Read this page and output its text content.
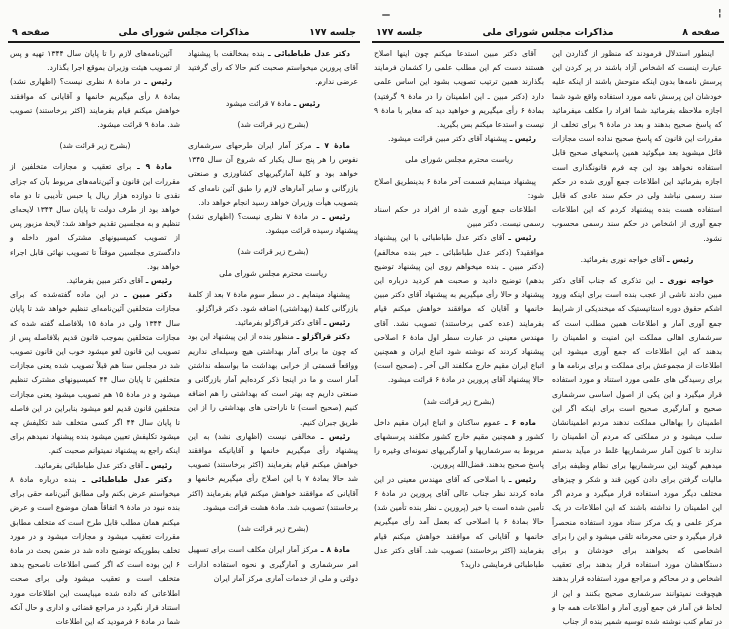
جلسه ۱۷۷
مذاکرات مجلس شورای ملی
صفحه ۹

دکتر عدل طباطبائی ـ بنده بمخالفت با پیشنهاد آقای پرورین میخواستم صحبت کنم حالا که رأی گرفتید عرضی ندارم.

رئیس ـ مادهٔ ۷ قرائت میشود

(بشرح زیر قرائت شد)

مادهٔ ۷ ـ مرکز آمار ایران طرحهای سرشماری نفوس را هر پنج سال یکبار که شروع آن سال ۱۳۴۵ خواهد بود و کلیهٔ آمارگیریهای کشاورزی و صنعتی بازرگانی و سایر آمارهای لازم را طبق آئین نامه‌ای که بتصویب هیأت وزیران خواهد رسید انجام خواهد داد.

رئیس ـ در مادهٔ ۷ نظری نیست؟ (اظهاری نشد) پیشنهاد رسیده قرائت میشود.

(بشرح زیر قرائت شد)

ریاست محترم مجلس شورای ملی

پیشنهاد مینمایم ـ در سطر سوم مادهٔ ۷ بعد از کلمهٔ بازرگانی کلمهٔ (بهداشتی) اضافه شود. دکتر قراگزلو.

رئیس ـ آقای دکتر قراگزلو بفرمائید.

دکتر قراگزلو ـ منظور بنده از این پیشنهاد این بود که چون ما برای آمار بهداشتی هیچ وسیله‌ای نداریم وواقعاً قسمتی از خرابی بهداشت ما بواسطه نداشتن آمار است و ما در اینجا ذکر کرده‌ایم آمار بازرگانی و صنعتی داریم چه بهتر است که بهداشتی را هم اضافه کنیم (صحیح است) تا ناراحتی های بهداشتی را از این طریق جبران کنیم.

رئیس ـ مخالفی نیست (اظهاری نشد) به این پیشنهاد رأی میگیریم خانمها و آقایانیکه موافقند خواهش میکنم قیام بفرمایند (اکثر برخاستند) تصویب شد حالا بمادهٔ ۷ با این اصلاح رأی میگیریم خانمها و آقایانی که موافقند خواهش میکنم قیام بفرمایند (اکثر برخاستند) تصویب شد. مادهٔ هشت قرائت میشود.

(بشرح زیر قرائت شد)

مادهٔ ۸ ـ مرکز آمار ایران مکلف است برای تسهیل امر سرشماری و آمارگیری و نحوه استفاده ادارات دولتی و ملی از خدمات آماری مرکز آمار ایران

آئین‌نامه‌های لازم را تا پایان سال ۱۳۴۴ تهیه و پس از تصویب هیئت وزیران بموقع اجرا بگذارد.

رئیس ـ در مادهٔ ۸ نظری نیست؟ (اظهاری نشد) بمادهٔ ۸ رأی میگیریم خانمها و آقایانی که موافقند خواهش میکنم قیام بفرمایند (اکثر برخاستند) تصویب شد. مادهٔ ۹ قرائت میشود.

(بشرح زیر قرائت شد)

مادهٔ ۹ ـ برای تعقیب و مجازات متخلفین از مقررات این قانون و آئین‌نامه‌های مربوط بآن که جزای نقدی تا دوازده هزار ریال یا حبس تأدیبی تا دو ماه خواهد بود از طرف دولت تا پایان سال ۱۳۴۴ لایحه‌ای تنظیم و به مجلسین تقدیم خواهد شد: لایحهٔ مزبور پس از تصویب کمیسیونهای مشترک امور داخله و دادگستری مجلسین موقتاً تا تصویب نهائی قابل اجراء خواهد بود.

رئیس ـ آقای دکتر مبین بفرمائید.

دکتر مبین ـ در این ماده گفته‌شده که برای مجازات متخلفین آئین‌نامه‌ای تنظیم خواهد شد تا پایان سال ۱۳۴۴ ولی در مادهٔ ۱۵ بلافاصله گفته شده که مجازات متخلفین بموجب قانون قدیم بلافاصله پس از تصویب این قانون لغو میشود خوب این قانون تصویب شد در مجلس سنا هم قبلاً تصویب شده یعنی مجازات متخلفین تا پایان سال ۴۴ کمیسیونهای مشترک تنظیم میشود و در مادهٔ ۱۵ هم تصویب میشود یعنی مجازات متخلفین قانون قدیم لغو میشود بنابراین در این فاصله تا پایان سال ۴۴ اگر کسی متخلف شد تکلیفش چه میشود تکلیفش تعیین میشود بنده پیشنهاد نمیدهم برای اینکه راجع به پیشنهاد نمیتوانم صحبت کنم.

رئیس ـ آقای دکتر عدل طباطبائی بفرمائید.

دکتر عدل طباطبائی ـ بنده درباره مادهٔ ۸ میخواستم عرض بکنم ولی مطابق آئین‌نامه حقی برای بنده نبود در مادهٔ ۹ اتفاقاً همان موضوع است و عرض میکنم همان مطلب قابل طرح است که متخلف مطابق مقررات تعقیب میشود و مجازات میشود و در مورد تخلف بطوریکه توضیح داده شد در ضمن بحث در مادهٔ ۶ این بوده است که اگر کسی اطلاعات ناصحیح بدهد متخلف است و تعقیب میشود ولی برای صحت اطلاعاتی که داده شده میبایست این اطلاعات مورد استناد قرار نگیرد در مراجع قضائی و اداری و حال آنکه شما در مادهٔ ۶ فرمودید که این اطلاعات

صفحه ۸
مذاکرات مجلس شورای ملی
جلسه ۱۷۷

اینطور استدلال فرمودند که منظور از گذاردن این عبارت اینست که اشخاص آزاد باشند در پر کردن این پرسش نامه‌ها بدون اینکه متوحش باشند از اینکه علیه خودشان این پرسش نامه مورد استفاده واقع شود شما اجازه ملاحظه بفرمائید شما افراد را مکلف میفرمائید که پاسخ صحیح بدهند و بعد در مادهٔ ۹ برای تخلف از مقررات این قانون که پاسخ صحیح نداده است مجازات قائل میشوید بعد میگوئید همین پاسخهای صحیح قابل استفاده نخواهد بود این چه فرم قانونگذاری است اجازه بفرمائید این اطلاعات جمع آوری شده در حکم سند رسمی نباشد ولی در حکم سند عادی که قابل استفاده هست بنده پیشنهاد کردم که این اطلاعات جمع آوری از اشخاص در حکم سند رسمی محسوب نشود.

رئیس ـ آقای خواجه نوری بفرمائید.

خواجه نوری ـ این تذکری که جناب آقای دکتر مبین دادند ناشی از عجب بنده است برای اینکه ورود اشکم حقوق دوره استاتیستیک که میخندیکی از شرایط جمع آوری آمار و اطلاعات همین مطلب است که سرشماری اهالی مملکت این امنیت و اطمینان را بدهند که این اطلاعات که جمع آوری میشود این اطلاعات از مجموعش برای مملکت و برای برنامه ها و برای رسیدگی های علمی مورد استناد و مورد استفاده قرار میگیرد و این یکی از اصول اساسی سرشماری صحیح و آمارگیری صحیح است برای اینکه اگر این اطمینان را بهاهالی مملکت ندهند مردم اطمینانشان سلب میشود و در مملکتی که مردم آن اطمینان را ندارند تا کنون آمار سرشماریها غلط در میآید بدستم میدهیم گویند این سرشماریها برای نظام وظیفه برای مالیات گرفتن برای دادن کوپن قند و شکر و چیزهای مختلف دیگر مورد استفاده قرار میگیرد و مردم اگر این اطمینان را نداشته باشند که این اطلاعات در یک مرکز علمی و یک مرکز ستاد مورد استفاده منحصراً قرار میگیرد و حتی محرمانه تلقی میشود و این را برای اشخاصی که بخواهند برای خودشان و برای دستگاهشان مورد استفاده قرار بدهند برای تعقیب اشخاص و در محاکم و مراجع مورد استفاده قرار بدهند هیچوقت نمیتوانند سرشماری صحیح بکنند و این از لحاظ فن آمار فن جمع آوری آمار و اطلاعات همه جا و در تمام کتب نوشته شده توسیه شمیر بنده از جناب

آقای دکتر مبین استدعا میکنم چون اینها اصلاح هستند دست کم این مطلب علمی را کشمان فرمایند بگذارند همین ترتیب تصویب بشود این اساس علمی دارد (دکتر مبین ـ این اطمینان را در مادهٔ ۹ گرفتید) بمادهٔ ۶ رأی میگیریم و خواهید دید که مغایر با مادهٔ ۹ نیست و استدعا میکنم بس بگیرید.

رئیس ـ پیشنهاد آقای دکتر مبین قرائت میشود.

ریاست محترم مجلس شورای ملی

پیشنهاد مینمایم قسمت آخر مادهٔ ۶ بدینطریق اصلاح شود:

اطلاعات جمع آوری شده از افراد در حکم اسناد رسمی نیست. دکتر مبین

رئیس ـ آقای دکتر عدل طباطبائی با این پیشنهاد موافقید؟ (دکتر عدل طباطبائی ـ خیر بنده مخالفم) (دکتر مبین ـ بنده میخواهم روی این پیشنهاد توضیح بدهم) توضیح دادید و صحبت هم کردید درباره این پیشنهاد و حالا رأی میگیریم به پیشنهاد آقای دکتر مبین خانمها و آقایان که موافقند خواهش میکنم قیام بفرمایند (عده کمی برخاستند) تصویب نشد. آقای مهندس معینی در عبارت سطر اول مادهٔ ۶ اصلاحی پیشنهاد کردند که نوشته شود اتباع ایران و همچنین اتباع ایران مقیم خارج مکلفند الی آخر ـ (صحیح است) حالا پیشنهاد آقای پرورین در مادهٔ ۶ قرائت میشود.

(بشرح زیر قرائت شد)

ماده ۶ ـ عموم ساکنان و اتباع ایران مقیم داخل کشور و همچنین مقیم خارج کشور مکلفند پرسشهای مربوط به سرشماریها و آمارگیریهای نمونه‌ای وغیره را پاسخ صحیح بدهند. فضل‌الله پرورین.

رئیس ـ با اصلاحی که آقای مهندس معینی در این ماده کردند نظر جناب عالی آقای پرورین در مادهٔ ۶ تأمین شده است یا خیر (پرورین ـ نظر بنده تأمین شد) حالا بمادهٔ ۶ با اصلاحی که بعمل آمد رأی میگیریم خانمها و آقایانی که موافقند خواهش میکنم قیام بفرمایند (اکثر برخاستند) تصویب شد. آقای دکتر عدل طباطبائی فرمایشی دارید؟

¦
